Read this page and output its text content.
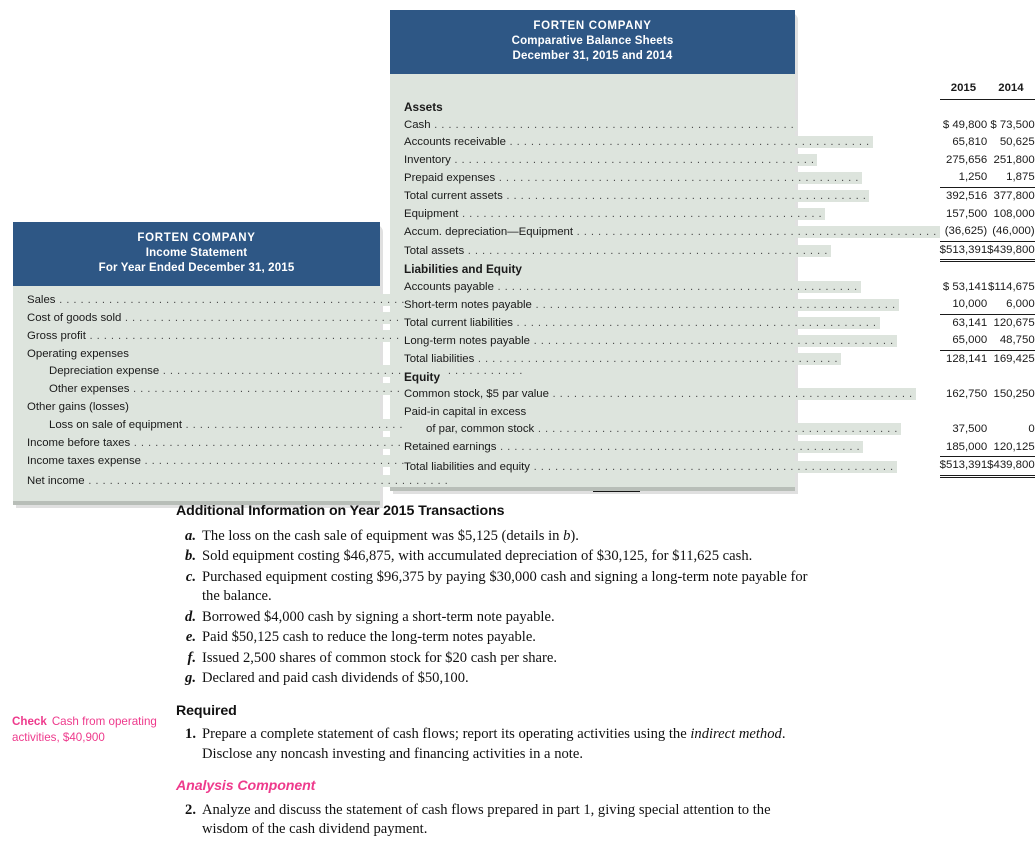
FORTEN COMPANY
Income Statement
For Year Ended December 31, 2015
Sales . . .		
Cost of goods sold . . .		
Gross profit . . .		
Operating expenses		
Depreciation expense . . .		
Other expenses . . .		
Other gains (losses)		
Loss on sale of equipment . . .		
Income before taxes . . .		
Income taxes expense . . .		
Net income . . .		
FORTEN COMPANY
Comparative Balance Sheets
December 31, 2015 and 2014
	2015	2014
Assets		
Cash . . .	$ 49,800	$ 73,500
Accounts receivable . . .	65,810	50,625
Inventory . . .	275,656	251,800
Prepaid expenses . . .	1,250	1,875
Total current assets . . .	392,516	377,800
Equipment . . .	157,500	108,000
Accum. depreciation—Equipment . . .	(36,625)	(46,000)
Total assets . . .	$513,391	$439,800
Liabilities and Equity		
Accounts payable . . .	$ 53,141	$114,675
Short-term notes payable . . .	10,000	6,000
Total current liabilities . . .	63,141	120,675
Long-term notes payable . . .	65,000	48,750
Total liabilities . . .	128,141	169,425
Equity		
Common stock, $5 par value . . .	162,750	150,250
Paid-in capital in excess		
of par, common stock . . .	37,500	0
Retained earnings . . .	185,000	120,125
Total liabilities and equity . . .	$513,391	$439,800
Additional Information on Year 2015 Transactions
a. The loss on the cash sale of equipment was $5,125 (details in b).
b. Sold equipment costing $46,875, with accumulated depreciation of $30,125, for $11,625 cash.
c. Purchased equipment costing $96,375 by paying $30,000 cash and signing a long-term note payable for the balance.
d. Borrowed $4,000 cash by signing a short-term note payable.
e. Paid $50,125 cash to reduce the long-term notes payable.
f. Issued 2,500 shares of common stock for $20 cash per share.
g. Declared and paid cash dividends of $50,100.
Required
1. Prepare a complete statement of cash flows; report its operating activities using the indirect method. Disclose any noncash investing and financing activities in a note.
Analysis Component
2. Analyze and discuss the statement of cash flows prepared in part 1, giving special attention to the wisdom of the cash dividend payment.
Check Cash from operating activities, $40,900
